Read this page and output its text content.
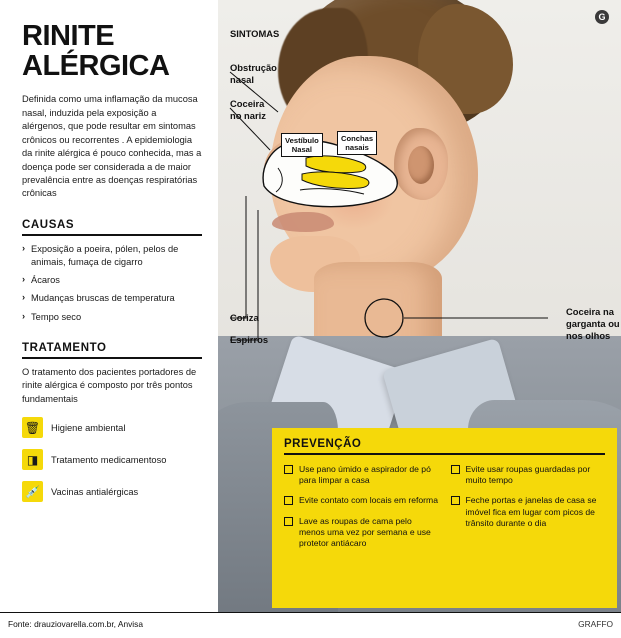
RINITE
ALÉRGICA
Definida como uma inflamação da mucosa nasal, induzida pela exposição a alérgenos, que pode resultar em sintomas crônicos ou recorrentes . A epidemiologia da rinite alérgica é pouco conhecida, mas a doença pode ser considerada a de maior prevalência entre as doenças respiratórias crônicas
CAUSAS
› Exposição a poeira, pólen, pelos de animais, fumaça de cigarro
› Ácaros
› Mudanças bruscas de temperatura
› Tempo seco
TRATAMENTO
O tratamento dos pacientes portadores de rinite alérgica é composto por três pontos fundamentais
🗑	Higiene ambiental
◨	Tratamento medicamentoso
💉	Vacinas antialérgicas
SINTOMAS
Obstrução
nasal
Coceira
no nariz
Coriza
Espirros
Coceira na
garganta ou
nos olhos
Vestíbulo
Nasal
Conchas
nasais
PREVENÇÃO
Use pano úmido e aspirador de pó para limpar a casa
Evite contato com locais em reforma
Lave as roupas de cama pelo menos uma vez por semana e use protetor antiácaro
Evite usar roupas guardadas por muito tempo
Feche portas e janelas de casa se imóvel fica em lugar com picos de trânsito durante o dia
G
Fonte: drauziovarella.com.br, Anvisa	GRAFFO
